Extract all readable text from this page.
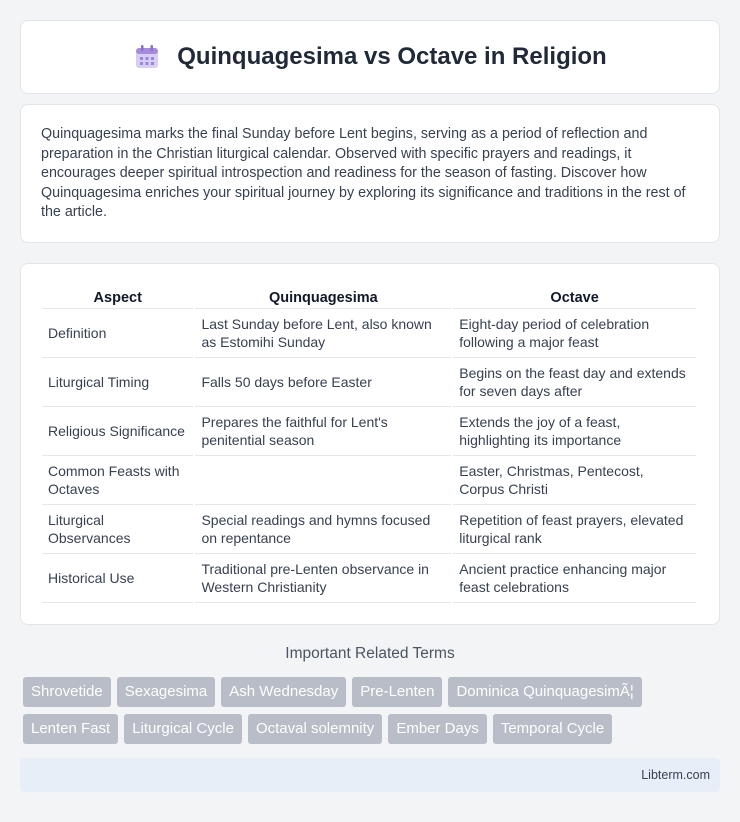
Quinquagesima vs Octave in Religion

Quinquagesima marks the final Sunday before Lent begins, serving as a period of reflection and preparation in the Christian liturgical calendar. Observed with specific prayers and readings, it encourages deeper spiritual introspection and readiness for the season of fasting. Discover how Quinquagesima enriches your spiritual journey by exploring its significance and traditions in the rest of the article.

Aspect	Quinquagesima	Octave
Definition	Last Sunday before Lent, also known as Estomihi Sunday	Eight-day period of celebration following a major feast
Liturgical Timing	Falls 50 days before Easter	Begins on the feast day and extends for seven days after
Religious Significance	Prepares the faithful for Lent's penitential season	Extends the joy of a feast, highlighting its importance
Common Feasts with Octaves		Easter, Christmas, Pentecost, Corpus Christi
Liturgical Observances	Special readings and hymns focused on repentance	Repetition of feast prayers, elevated liturgical rank
Historical Use	Traditional pre-Lenten observance in Western Christianity	Ancient practice enhancing major feast celebrations
Important Related Terms
Shrovetide	Sexagesima	Ash Wednesday	Pre-Lenten	Dominica QuinquagesimÃ¦
Lenten Fast	Liturgical Cycle	Octaval solemnity	Ember Days	Temporal Cycle
Libterm.com
